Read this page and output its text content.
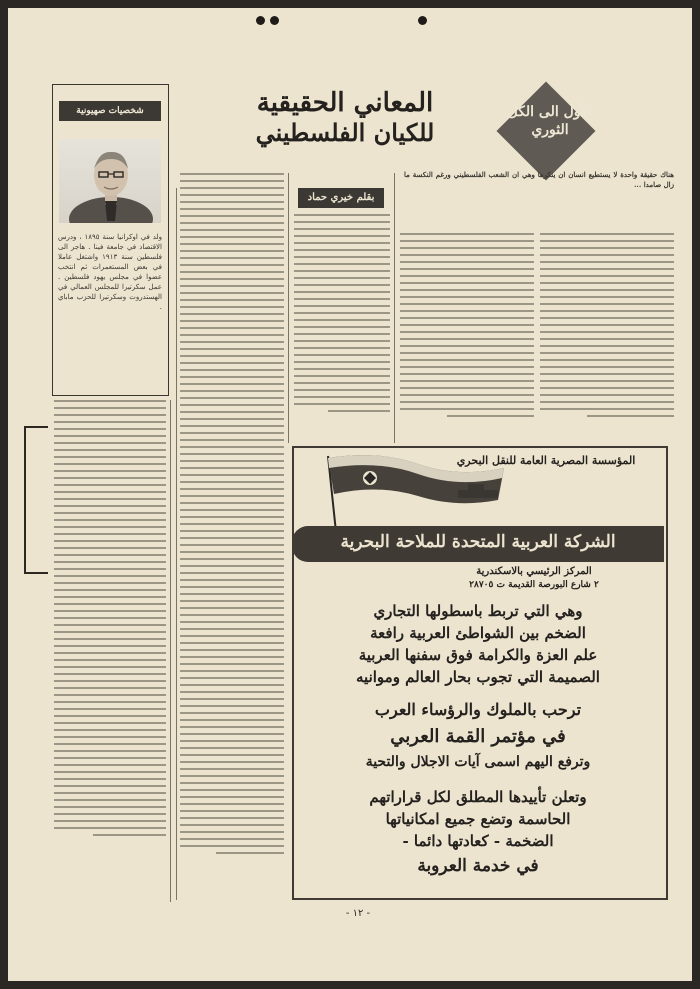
المعاني الحقيقية
للكيان الفلسطيني
الأول الى الكل الثوري
شخصيات صهيونية
ولد في اوكرانيا سنة ١٨٩٥ ، ودرس الاقتصاد في جامعة فينا . هاجر الى فلسطين سنة ١٩١٣ واشتغل عاملا في بعض المستعمرات ثم انتخب عضوا في مجلس يهود فلسطين . عمل سكرتيرا للمجلس العمالي في الهستدروت وسكرتيرا للحزب ماباي .
بقلم خيري حماد
هناك حقيقة واحدة لا يستطيع انسان ان ينكرها وهي ان الشعب الفلسطيني ورغم النكسة ما زال صامدا ...
المؤسسة المصرية العامة للنقل البحري
الشركة العربية المتحدة للملاحة البحرية
المركز الرئيسي بالاسكندرية
٢ شارع البورصة القديمة ت ٢٨٧٠٥
وهي التي تربط باسطولها التجاري
الضخم بين الشواطئ العربية رافعة
علم العزة والكرامة فوق سفنها العربية
الصميمة التي تجوب بحار العالم وموانيه
ترحب بالملوك والرؤساء العرب
في مؤتمر القمة العربي
وترفع اليهم اسمى آيات الاجلال والتحية
وتعلن تأييدها المطلق لكل قراراتهم
الحاسمة وتضع جميع امكانياتها
الضخمة - كعادتها دائما -
في خدمة العروبة
- ١٢ -
